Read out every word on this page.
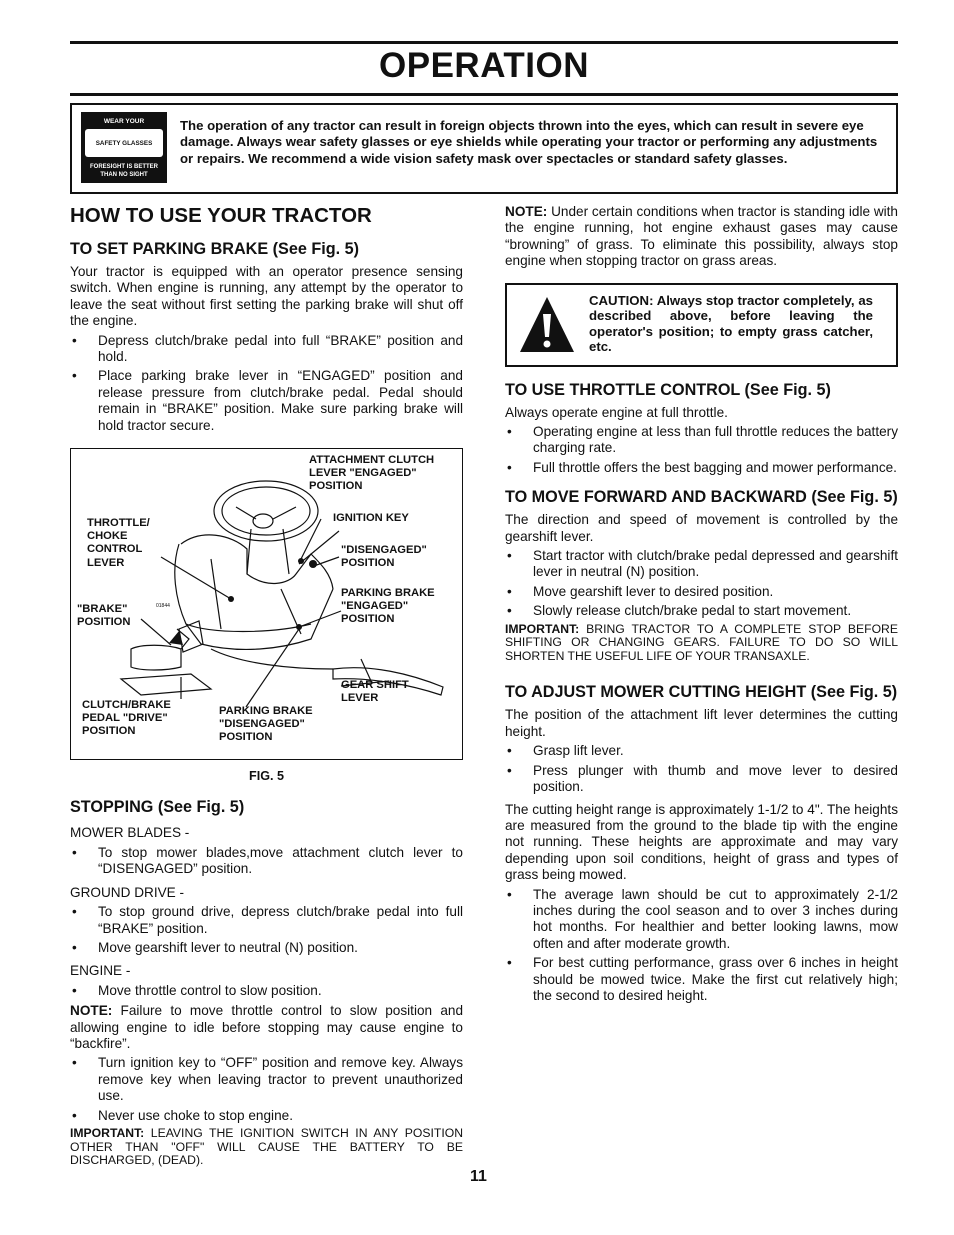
OPERATION
WEAR YOUR
SAFETY GLASSES
FORESIGHT IS BETTER
THAN NO SIGHT
The operation of any tractor can result in foreign objects thrown into the eyes, which can result in severe eye damage. Always wear safety glasses or eye shields while operating your tractor or performing any adjustments or repairs. We recommend a wide vision safety mask over spectacles or standard safety glasses.
HOW TO USE YOUR TRACTOR
TO SET PARKING BRAKE (See Fig. 5)

Your tractor is equipped with an operator presence sensing switch. When engine is running, any attempt by the operator to leave the seat without first setting the parking brake will shut off the engine.

• Depress clutch/brake pedal into full “BRAKE” position and hold.
• Place parking brake lever in “ENGAGED” position and release pressure from clutch/brake pedal. Pedal should remain in “BRAKE” position. Make sure parking brake will hold tractor secure.
01844
ATTACHMENT CLUTCH LEVER "ENGAGED" POSITION
THROTTLE/ CHOKE CONTROL LEVER
IGNITION KEY
"DISENGAGED" POSITION
PARKING BRAKE "ENGAGED" POSITION
"BRAKE" POSITION
GEAR SHIFT LEVER
CLUTCH/BRAKE PEDAL "DRIVE" POSITION
PARKING BRAKE "DISENGAGED" POSITION
FIG. 5
STOPPING (See Fig. 5)

MOWER BLADES -

• To stop mower blades,move attachment clutch lever to “DISENGAGED” position.

GROUND DRIVE -

• To stop ground drive, depress clutch/brake pedal into full “BRAKE” position.
• Move gearshift lever to neutral (N) position.

ENGINE -

• Move throttle control to slow position.

NOTE: Failure to move throttle control to slow position and allowing engine to idle before stopping may cause engine to “backfire”.

• Turn ignition key to “OFF” position and remove key. Always remove key when leaving tractor to prevent unauthorized use.
• Never use choke to stop engine.

IMPORTANT: LEAVING THE IGNITION SWITCH IN ANY POSITION OTHER THAN "OFF" WILL CAUSE THE BATTERY TO BE DISCHARGED, (DEAD).

NOTE: Under certain conditions when tractor is standing idle with the engine running, hot engine exhaust gases may cause “browning” of grass. To eliminate this possibility, always stop engine when stopping tractor on grass areas.

CAUTION: Always stop tractor completely, as described above, before leaving the operator's position; to empty grass catcher, etc.
TO USE THROTTLE CONTROL (See Fig. 5)

Always operate engine at full throttle.

• Operating engine at less than full throttle reduces the battery charging rate.
• Full throttle offers the best bagging and mower performance.
TO MOVE FORWARD AND BACKWARD (See Fig. 5)

The direction and speed of movement is controlled by the gearshift lever.

• Start tractor with clutch/brake pedal depressed and gearshift lever in neutral (N) position.
• Move gearshift lever to desired position.
• Slowly release clutch/brake pedal to start movement.

IMPORTANT: BRING TRACTOR TO A COMPLETE STOP BEFORE SHIFTING OR CHANGING GEARS. FAILURE TO DO SO WILL SHORTEN THE USEFUL LIFE OF YOUR TRANSAXLE.

TO ADJUST MOWER CUTTING HEIGHT (See Fig. 5)

The position of the attachment lift lever determines the cutting height.

• Grasp lift lever.
• Press plunger with thumb and move lever to desired position.

The cutting height range is approximately 1-1/2 to 4". The heights are measured from the ground to the blade tip with the engine not running. These heights are approximate and may vary depending upon soil conditions, height of grass and types of grass being mowed.

• The average lawn should be cut to approximately 2-1/2 inches during the cool season and to over 3 inches during hot months. For healthier and better looking lawns, mow often and after moderate growth.
• For best cutting performance, grass over 6 inches in height should be mowed twice. Make the first cut relatively high; the second to desired height.
11
